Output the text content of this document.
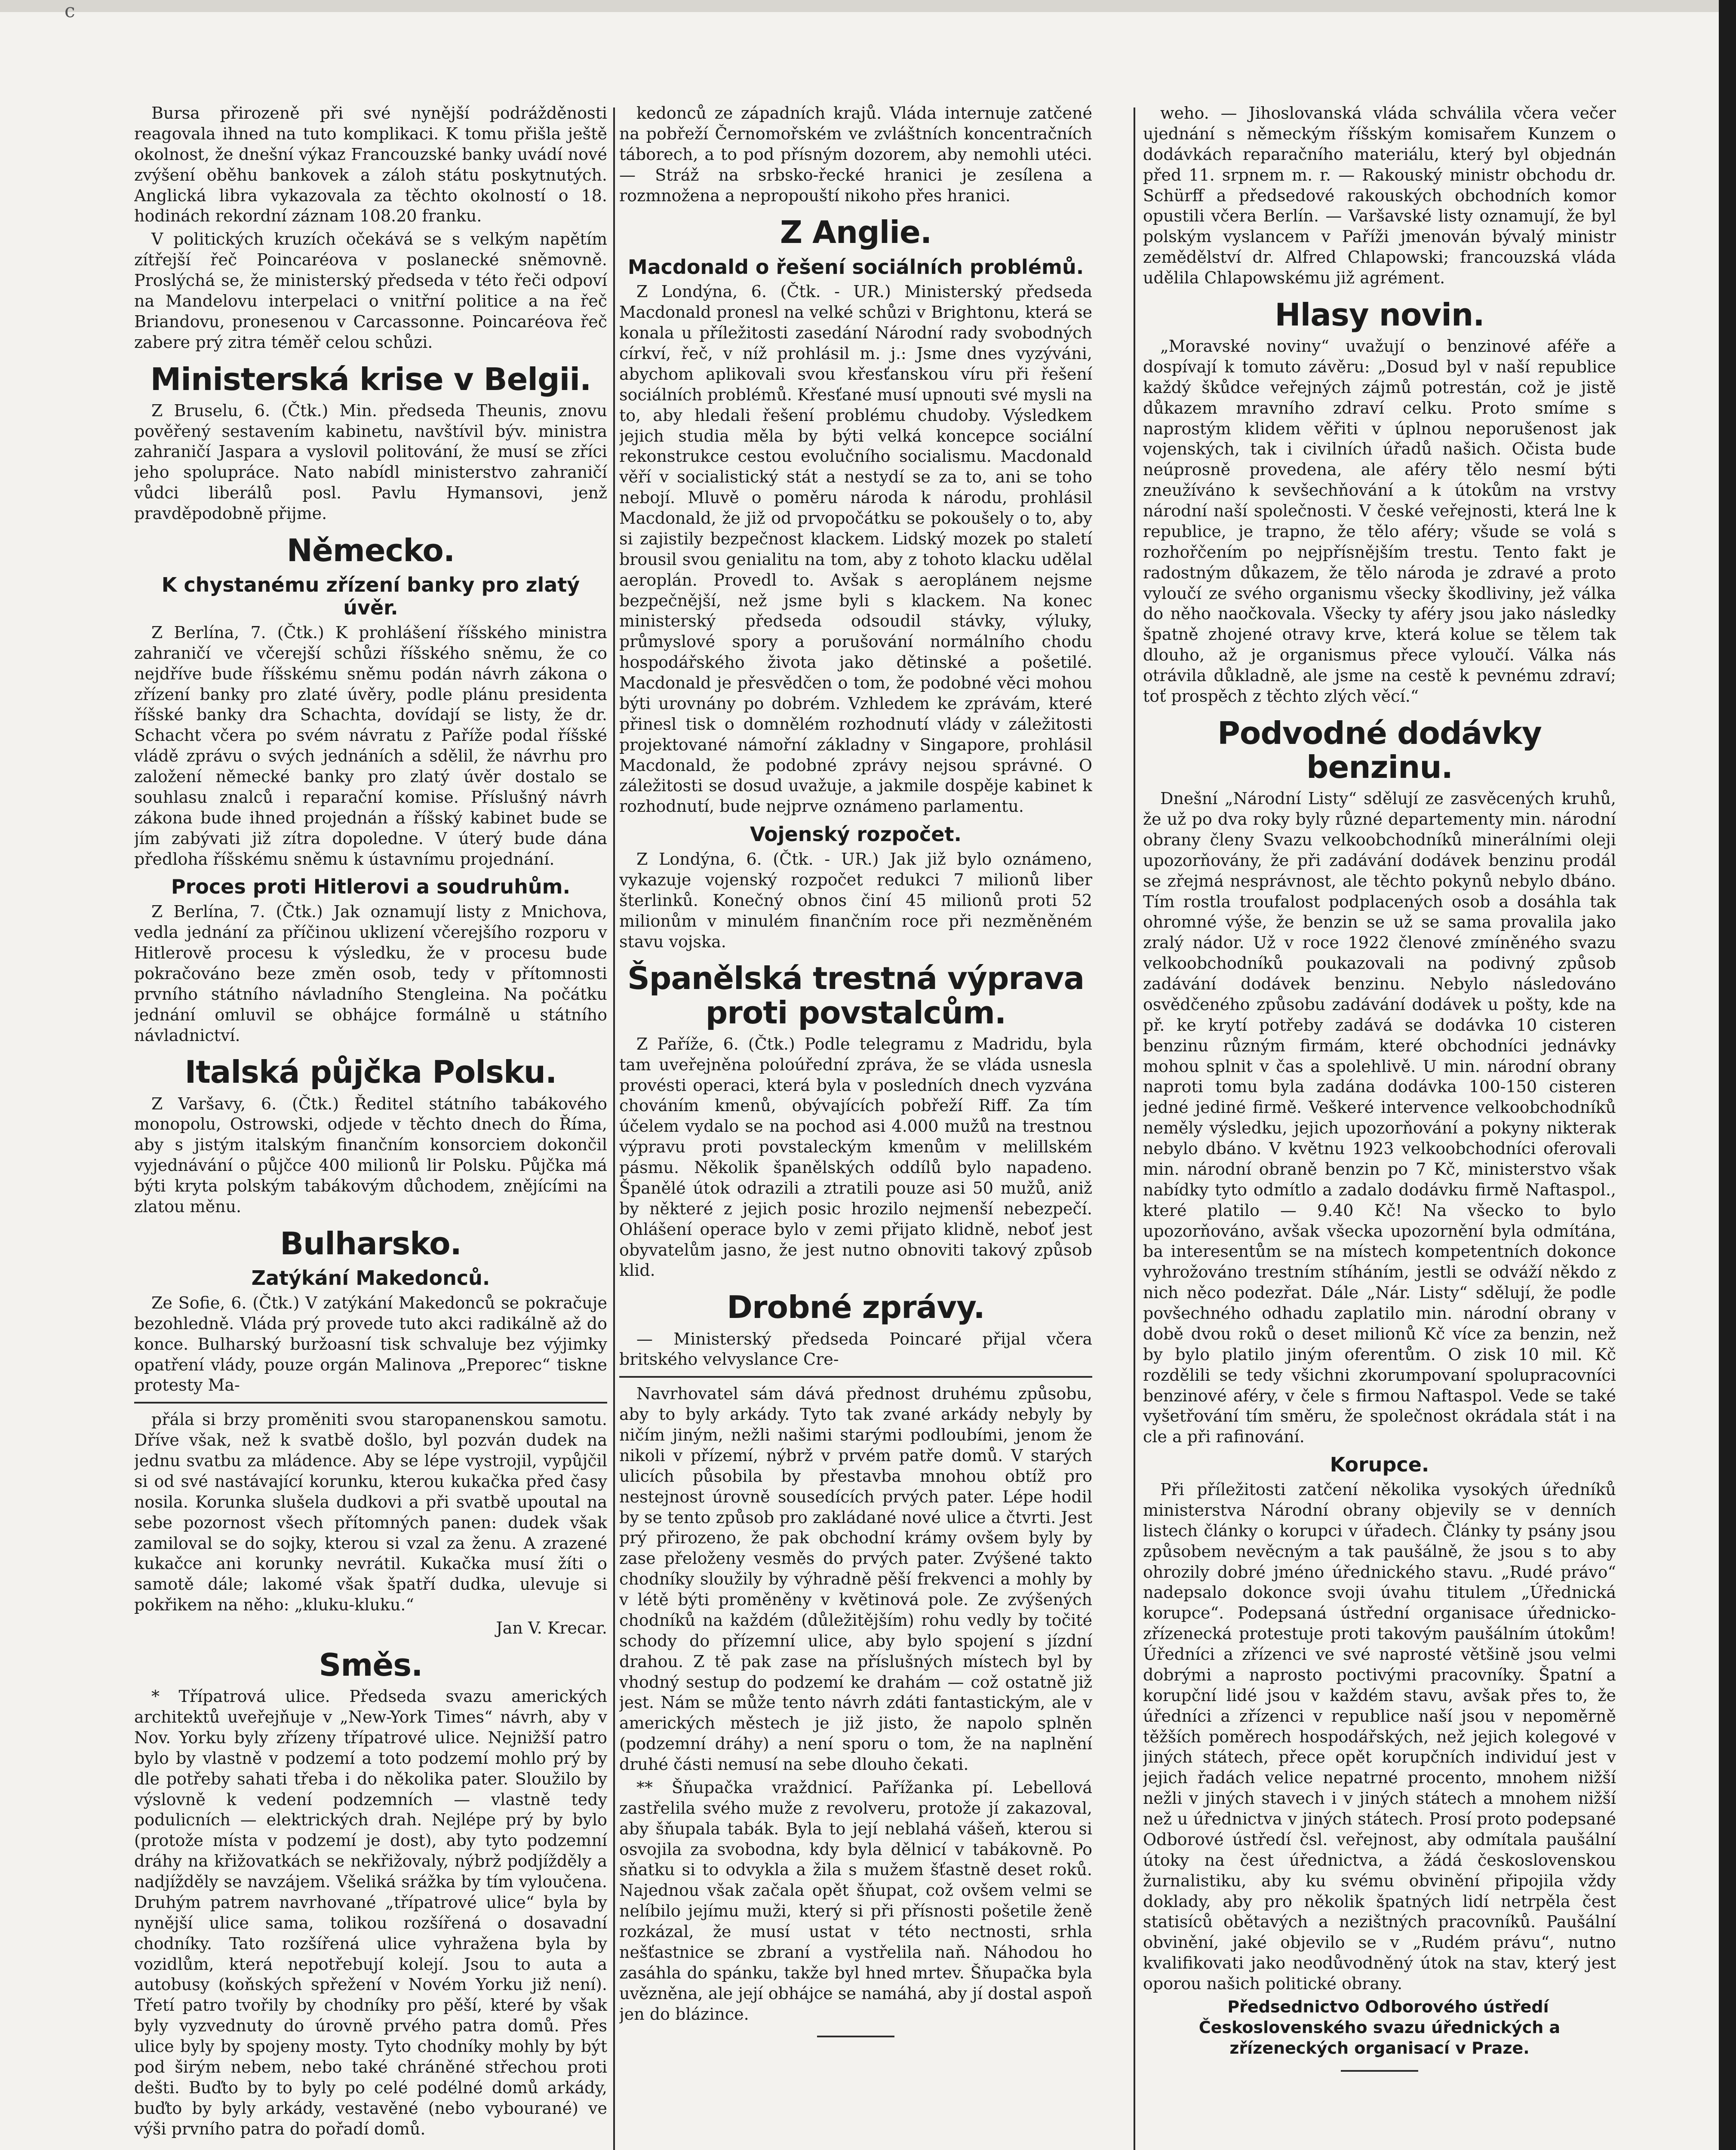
c

Bursa přirozeně při své nynější podrážděnosti reagovala ihned na tuto komplikaci. K tomu přišla ještě okolnost, že dnešní výkaz Francouzské banky uvádí nové zvýšení oběhu bankovek a záloh státu poskytnutých. Anglická libra vykazovala za těchto okolností o 18. hodinách rekordní záznam 108.20 franku.

V politických kruzích očekává se s velkým napětím zítřejší řeč Poincaréova v poslanecké sněmovně. Proslýchá se, že ministerský předseda v této řeči odpoví na Mandelovu interpelaci o vnitřní politice a na řeč Briandovu, pronesenou v Carcassonne. Poincaréova řeč zabere prý zitra téměř celou schůzi.

Ministerská krise v Belgii.

Z Bruselu, 6. (Čtk.) Min. předseda Theunis, znovu pověřený sestavením kabinetu, navštívil býv. ministra zahraničí Jaspara a vyslovil politování, že musí se zříci jeho spolupráce. Nato nabídl ministerstvo zahraničí vůdci liberálů posl. Pavlu Hymansovi, jenž pravděpodobně přijme.

Německo.
K chystanému zřízení banky pro zlatý úvěr.

Z Berlína, 7. (Čtk.) K prohlášení říšského ministra zahraničí ve včerejší schůzi říšského sněmu, že co nejdříve bude říšskému sněmu podán návrh zákona o zřízení banky pro zlaté úvěry, podle plánu presidenta říšské banky dra Schachta, dovídají se listy, že dr. Schacht včera po svém návratu z Paříže podal říšské vládě zprávu o svých jednáních a sdělil, že návrhu pro založení německé banky pro zlatý úvěr dostalo se souhlasu znalců i reparační komise. Příslušný návrh zákona bude ihned projednán a říšský kabinet bude se jím zabývati již zítra dopoledne. V úterý bude dána předloha říšskému sněmu k ústavnímu projednání.

Proces proti Hitlerovi a soudruhům.

Z Berlína, 7. (Čtk.) Jak oznamují listy z Mnichova, vedla jednání za příčinou uklizení včerejšího rozporu v Hitlerově procesu k výsledku, že v procesu bude pokračováno beze změn osob, tedy v přítomnosti prvního státního návladního Stengleina. Na počátku jednání omluvil se obhájce formálně u státního návladnictví.

Italská půjčka Polsku.

Z Varšavy, 6. (Čtk.) Ředitel státního tabákového monopolu, Ostrowski, odjede v těchto dnech do Říma, aby s jistým italským finančním konsorciem dokončil vyjednávání o půjčce 400 milionů lir Polsku. Půjčka má býti kryta polským tabákovým důchodem, znějícími na zlatou měnu.

Bulharsko.
Zatýkání Makedonců.

Ze Sofie, 6. (Čtk.) V zatýkání Makedonců se pokračuje bezohledně. Vláda prý provede tuto akci radikálně až do konce. Bulharský buržoasní tisk schvaluje bez výjimky opatření vlády, pouze orgán Malinova „Preporec“ tiskne protesty Ma-

přála si brzy proměniti svou staropanenskou samotu. Dříve však, než k svatbě došlo, byl pozván dudek na jednu svatbu za mládence. Aby se lépe vystrojil, vypůjčil si od své nastávající korunku, kterou kukačka před časy nosila. Korunka slušela dudkovi a při svatbě upoutal na sebe pozornost všech přítomných panen: dudek však zamiloval se do sojky, kterou si vzal za ženu. A zrazené kukačce ani korunky nevrátil. Kukačka musí žíti o samotě dále; lakomé však špatří dudka, ulevuje si pokřikem na něho: „kluku-kluku.“

Jan V. Krecar.

Směs.

* Třípatrová ulice. Předseda svazu amerických architektů uveřejňuje v „New-York Times“ návrh, aby v Nov. Yorku byly zřízeny třípatrové ulice. Nejnižší patro bylo by vlastně v podzemí a toto podzemí mohlo prý by dle potřeby sahati třeba i do několika pater. Sloužilo by výslovně k vedení podzemních — vlastně tedy podulicních — elektrických drah. Nejlépe prý by bylo (protože místa v podzemí je dost), aby tyto podzemní dráhy na křižovatkách se nekřižovaly, nýbrž podjížděly a nadjížděly se navzájem. Všeliká srážka by tím vyloučena. Druhým patrem navrhované „třípatrové ulice“ byla by nynější ulice sama, tolikou rozšířená o dosavadní chodníky. Tato rozšířená ulice vyhražena byla by vozidlům, která nepotřebují kolejí. Jsou to auta a autobusy (koňských spřežení v Novém Yorku již není). Třetí patro tvořily by chodníky pro pěší, které by však byly vyzvednuty do úrovně prvého patra domů. Přes ulice byly by spojeny mosty. Tyto chodníky mohly by být pod širým nebem, nebo také chráněné střechou proti dešti. Buďto by to byly po celé podélné domů arkády, buďto by byly arkády, vestavěné (nebo vybourané) ve výši prvního patra do pořadí domů.

kedonců ze západních krajů. Vláda internuje zatčené na pobřeží Černomořském ve zvláštních koncentračních táborech, a to pod přísným dozorem, aby nemohli utéci. — Stráž na srbsko-řecké hranici je zesílena a rozmnožena a nepropouští nikoho přes hranici.

Z Anglie.
Macdonald o řešení sociálních problémů.

Z Londýna, 6. (Čtk. - UR.) Ministerský předseda Macdonald pronesl na velké schůzi v Brightonu, která se konala u příležitosti zasedání Národní rady svobodných církví, řeč, v níž prohlásil m. j.: Jsme dnes vyzýváni, abychom aplikovali svou křesťanskou víru při řešení sociálních problémů. Křesťané musí upnouti své mysli na to, aby hledali řešení problému chudoby. Výsledkem jejich studia měla by býti velká koncepce sociální rekonstrukce cestou evolučního socialismu. Macdonald věří v socialistický stát a nestydí se za to, ani se toho nebojí. Mluvě o poměru národa k národu, prohlásil Macdonald, že již od prvopočátku se pokoušely o to, aby si zajistily bezpečnost klackem. Lidský mozek po staletí brousil svou genialitu na tom, aby z tohoto klacku udělal aeroplán. Provedl to. Avšak s aeroplánem nejsme bezpečnější, než jsme byli s klackem. Na konec ministerský předseda odsoudil stávky, výluky, průmyslové spory a porušování normálního chodu hospodářského života jako dětinské a pošetilé. Macdonald je přesvědčen o tom, že podobné věci mohou býti urovnány po dobrém. Vzhledem ke zprávám, které přinesl tisk o domnělém rozhodnutí vlády v záležitosti projektované námořní základny v Singapore, prohlásil Macdonald, že podobné zprávy nejsou správné. O záležitosti se dosud uvažuje, a jakmile dospěje kabinet k rozhodnutí, bude nejprve oznámeno parlamentu.

Vojenský rozpočet.

Z Londýna, 6. (Čtk. - UR.) Jak již bylo oznámeno, vykazuje vojenský rozpočet redukci 7 milionů liber šterlinků. Konečný obnos činí 45 milionů proti 52 milionům v minulém finančním roce při nezměněném stavu vojska.

Španělská trestná výprava proti povstalcům.

Z Paříže, 6. (Čtk.) Podle telegramu z Madridu, byla tam uveřejněna poloúřední zpráva, že se vláda usnesla provésti operaci, která byla v posledních dnech vyzvána chováním kmenů, obývajících pobřeží Riff. Za tím účelem vydalo se na pochod asi 4.000 mužů na trestnou výpravu proti povstaleckým kmenům v melillském pásmu. Několik španělských oddílů bylo napadeno. Španělé útok odrazili a ztratili pouze asi 50 mužů, aniž by některé z jejich posic hrozilo nejmenší nebezpečí. Ohlášení operace bylo v zemi přijato klidně, neboť jest obyvatelům jasno, že jest nutno obnoviti takový způsob klid.

Drobné zprávy.

— Ministerský předseda Poincaré přijal včera britského velvyslance Cre-

Navrhovatel sám dává přednost druhému způsobu, aby to byly arkády. Tyto tak zvané arkády nebyly by ničím jiným, nežli našimi starými podloubími, jenom že nikoli v přízemí, nýbrž v prvém patře domů. V starých ulicích působila by přestavba mnohou obtíž pro nestejnost úrovně sousedících prvých pater. Lépe hodil by se tento způsob pro zakládané nové ulice a čtvrti. Jest prý přirozeno, že pak obchodní krámy ovšem byly by zase přeloženy vesměs do prvých pater. Zvýšené takto chodníky sloužily by výhradně pěší frekvenci a mohly by v létě býti proměněny v květinová pole. Ze zvýšených chodníků na každém (důležitějším) rohu vedly by točité schody do přízemní ulice, aby bylo spojení s jízdní drahou. Z tě pak zase na příslušných místech byl by vhodný sestup do podzemí ke drahám — což ostatně již jest. Nám se může tento návrh zdáti fantastickým, ale v amerických městech je již jisto, že napolo splněn (podzemní dráhy) a není sporu o tom, že na naplnění druhé části nemusí na sebe dlouho čekati.

** Šňupačka vraždnicí. Pařížanka pí. Lebellová zastřelila svého muže z revolveru, protože jí zakazoval, aby šňupala tabák. Byla to její neblahá vášeň, kterou si osvojila za svobodna, kdy byla dělnicí v tabákovně. Po sňatku si to odvykla a žila s mužem šťastně deset roků. Najednou však začala opět šňupat, což ovšem velmi se nelíbilo jejímu muži, který si při přísnosti pošetile ženě rozkázal, že musí ustat v této nectnosti, srhla nešťastnice se zbraní a vystřelila naň. Náhodou ho zasáhla do spánku, takže byl hned mrtev. Šňupačka byla uvězněna, ale její obhájce se namáhá, aby jí dostal aspoň jen do blázince.

weho. — Jihoslovanská vláda schválila včera večer ujednání s německým říšským komisařem Kunzem o dodávkách reparačního materiálu, který byl objednán před 11. srpnem m. r. — Rakouský ministr obchodu dr. Schürff a předsedové rakouských obchodních komor opustili včera Berlín. — Varšavské listy oznamují, že byl polským vyslancem v Paříži jmenován bývalý ministr zemědělství dr. Alfred Chlapowski; francouzská vláda udělila Chlapowskému již agrément.

Hlasy novin.

„Moravské noviny“ uvažují o benzinové aféře a dospívají k tomuto závěru: „Dosud byl v naší republice každý škůdce veřejných zájmů potrestán, což je jistě důkazem mravního zdraví celku. Proto smíme s naprostým klidem věřiti v úplnou neporušenost jak vojenských, tak i civilních úřadů našich. Očista bude neúprosně provedena, ale aféry tělo nesmí býti zneužíváno k sevšechňování a k útokům na vrstvy národní naší společnosti. V české veřejnosti, která lne k republice, je trapno, že tělo aféry; všude se volá s rozhořčením po nejpřísnějším trestu. Tento fakt je radostným důkazem, že tělo národa je zdravé a proto vyloučí ze svého organismu všecky škodliviny, jež válka do něho naočkovala. Všecky ty aféry jsou jako následky špatně zhojené otravy krve, která kolue se tělem tak dlouho, až je organismus přece vyloučí. Válka nás otrávila důkladně, ale jsme na cestě k pevnému zdraví; toť prospěch z těchto zlých věcí.“

Podvodné dodávky benzinu.

Dnešní „Národní Listy“ sdělují ze zasvěcených kruhů, že už po dva roky byly různé departementy min. národní obrany členy Svazu velkoobchodníků minerálními oleji upozorňovány, že při zadávání dodávek benzinu prodál se zřejmá nesprávnost, ale těchto pokynů nebylo dbáno. Tím rostla troufalost podplacených osob a dosáhla tak ohromné výše, že benzin se už se sama provalila jako zralý nádor. Už v roce 1922 členové zmíněného svazu velkoobchodníků poukazovali na podivný způsob zadávání dodávek benzinu. Nebylo následováno osvědčeného způsobu zadávání dodávek u pošty, kde na př. ke krytí potřeby zadává se dodávka 10 cisteren benzinu různým firmám, které obchodníci jednávky mohou splnit v čas a spolehlivě. U min. národní obrany naproti tomu byla zadána dodávka 100-150 cisteren jedné jediné firmě. Veškeré intervence velkoobchodníků neměly výsledku, jejich upozorňování a pokyny nikterak nebylo dbáno. V květnu 1923 velkoobchodníci oferovali min. národní obraně benzin po 7 Kč, ministerstvo však nabídky tyto odmítlo a zadalo dodávku firmě Naftaspol., které platilo — 9.40 Kč! Na všecko to bylo upozorňováno, avšak všecka upozornění byla odmítána, ba interesentům se na místech kompetentních dokonce vyhrožováno trestním stíháním, jestli se odváží někdo z nich něco podezřat. Dále „Nár. Listy“ sdělují, že podle povšechného odhadu zaplatilo min. národní obrany v době dvou roků o deset milionů Kč více za benzin, než by bylo platilo jiným oferentům. O zisk 10 mil. Kč rozdělili se tedy všichni zkorumpovaní spolupracovníci benzinové aféry, v čele s firmou Naftaspol. Vede se také vyšetřování tím směru, že společnost okrádala stát i na cle a při rafinování.

Korupce.

Při příležitosti zatčení několika vysokých úředníků ministerstva Národní obrany objevily se v denních listech články o korupci v úřadech. Články ty psány jsou způsobem nevěcným a tak paušálně, že jsou s to aby ohrozily dobré jméno úřednického stavu. „Rudé právo“ nadepsalo dokonce svoji úvahu titulem „Úřednická korupce“. Podepsaná ústřední organisace úřednicko-zřízenecká protestuje proti takovým paušálním útokům! Úředníci a zřízenci ve své naprosté většině jsou velmi dobrými a naprosto poctivými pracovníky. Špatní a korupční lidé jsou v každém stavu, avšak přes to, že úředníci a zřízenci v republice naší jsou v nepoměrně těžších poměrech hospodářských, než jejich kolegové v jiných státech, přece opět korupčních individuí jest v jejich řadách velice nepatrné procento, mnohem nižší nežli v jiných stavech i v jiných státech a mnohem nižší než u úřednictva v jiných státech. Prosí proto podepsané Odborové ústředí čsl. veřejnost, aby odmítala paušální útoky na čest úřednictva, a žádá československou žurnalistiku, aby ku svému obvinění připojila vždy doklady, aby pro několik špatných lidí netrpěla čest statisíců obětavých a nezištných pracovníků. Paušální obvinění, jaké objevilo se v „Rudém právu“, nutno kvalifikovati jako neodůvodněný útok na stav, který jest oporou našich politické obrany.

Předsednictvo Odborového ústředí Československého svazu úřednických a zřízeneckých organisací v Praze.
